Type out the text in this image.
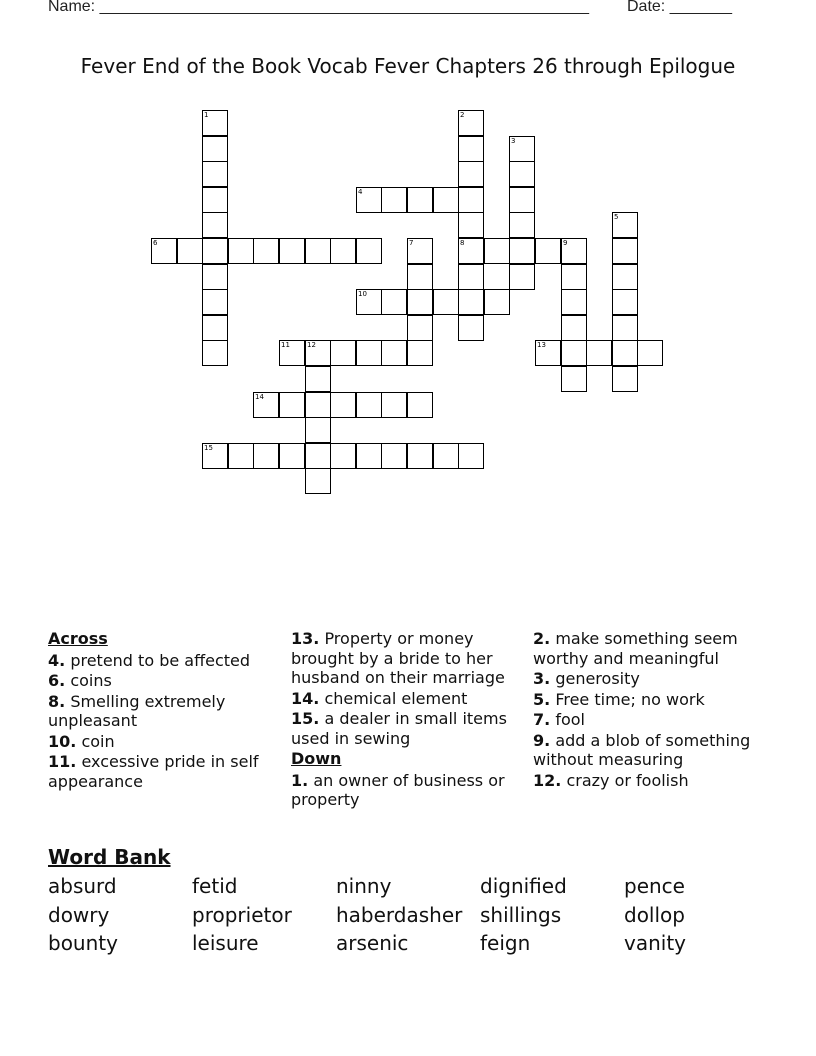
Name: _______________________________________________________ Date: _______
Fever End of the Book Vocab Fever Chapters 26 through Epilogue
1	2
8
3
4
5
6	7	9
10
11 12	13
14
15
Across
4. pretend to be affected
6. coins
8. Smelling extremely unpleasant
10. coin
11. excessive pride in self appearance
13. Property or money brought by a bride to her husband on their marriage
14. chemical element
15. a dealer in small items used in sewing
Down
1. an owner of business or property
2. make something seem worthy and meaningful
3. generosity
5. Free time; no work
7. fool
9. add a blob of something without measuring
12. crazy or foolish
Word Bank
absurd	fetid	ninny	dignified	pence
dowry	proprietor haberdasher shillings	dollop
bounty	leisure	arsenic	feign	vanity
